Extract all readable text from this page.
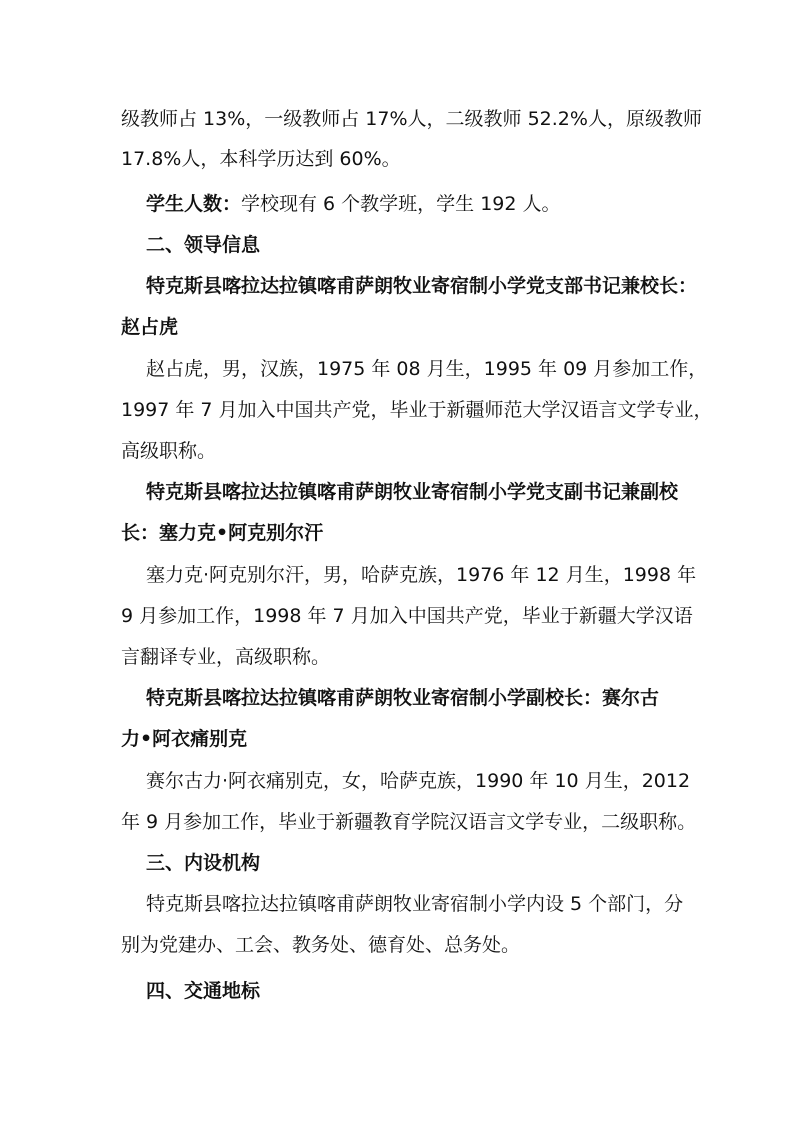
级教师占 13%，一级教师占 17%人，二级教师 52.2%人，原级教师
17.8%人，本科学历达到 60%。
学生人数：学校现有 6 个教学班，学生 192 人。
二、领导信息
特克斯县喀拉达拉镇喀甫萨朗牧业寄宿制小学党支部书记兼校长：
赵占虎
赵占虎，男，汉族，1975 年 08 月生，1995 年 09 月参加工作，
1997 年 7 月加入中国共产党，毕业于新疆师范大学汉语言文学专业，
高级职称。
特克斯县喀拉达拉镇喀甫萨朗牧业寄宿制小学党支副书记兼副校
长：塞力克•阿克别尔汗
塞力克·阿克别尔汗，男，哈萨克族，1976 年 12 月生，1998 年
9 月参加工作，1998 年 7 月加入中国共产党，毕业于新疆大学汉语
言翻译专业，高级职称。
特克斯县喀拉达拉镇喀甫萨朗牧业寄宿制小学副校长：赛尔古
力•阿衣痛别克
赛尔古力·阿衣痛别克，女，哈萨克族，1990 年 10 月生，2012
年 9 月参加工作，毕业于新疆教育学院汉语言文学专业，二级职称。
三、内设机构
特克斯县喀拉达拉镇喀甫萨朗牧业寄宿制小学内设 5 个部门，分
别为党建办、工会、教务处、德育处、总务处。
四、交通地标
